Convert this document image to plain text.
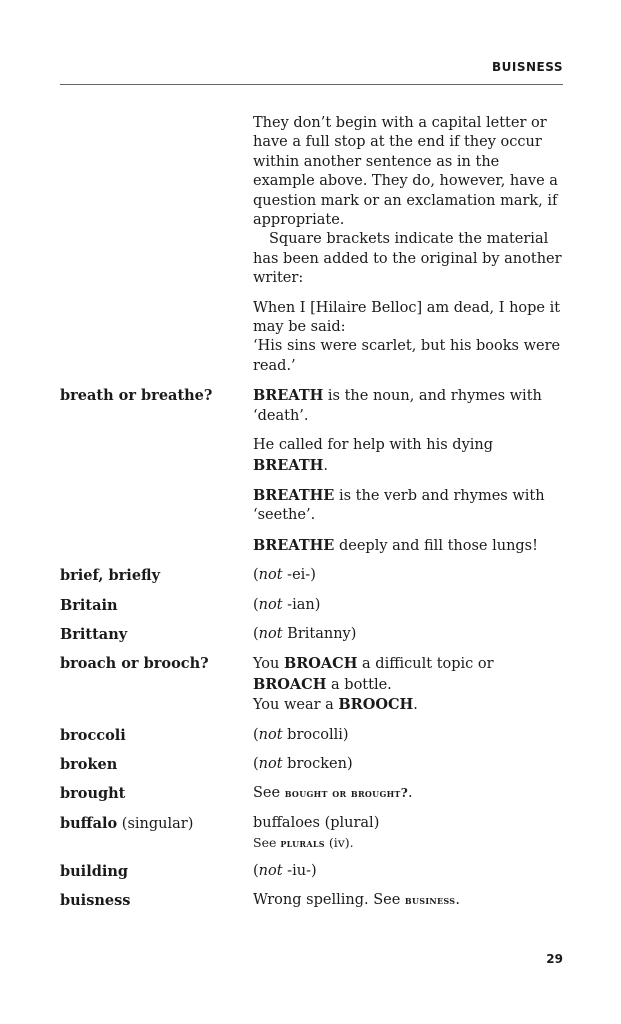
BUISNESS
They don’t begin with a capital letter or have a full stop at the end if they occur within another sentence as in the example above. They do, however, have a question mark or an exclamation mark, if appropriate.
Square brackets indicate the material has been added to the original by another writer:
When I [Hilaire Belloc] am dead, I hope it may be said:
‘His sins were scarlet, but his books were read.’
breath or breathe?	BREATH is the noun, and rhymes with ‘death’.

He called for help with his dying BREATH.

BREATHE is the verb and rhymes with ‘seethe’.

BREATHE deeply and fill those lungs!

brief, briefly	(not -ei-)
Britain	(not -ian)
Brittany	(not Britanny)
broach or brooch?	You BROACH a difficult topic or
BROACH a bottle.
You wear a BROOCH.
broccoli	(not brocolli)
broken	(not brocken)
brought	See bought or brought?.
buffalo (singular)	buffaloes (plural)
See plurals (iv).
building	(not -iu-)
buisness	Wrong spelling. See business.
29
